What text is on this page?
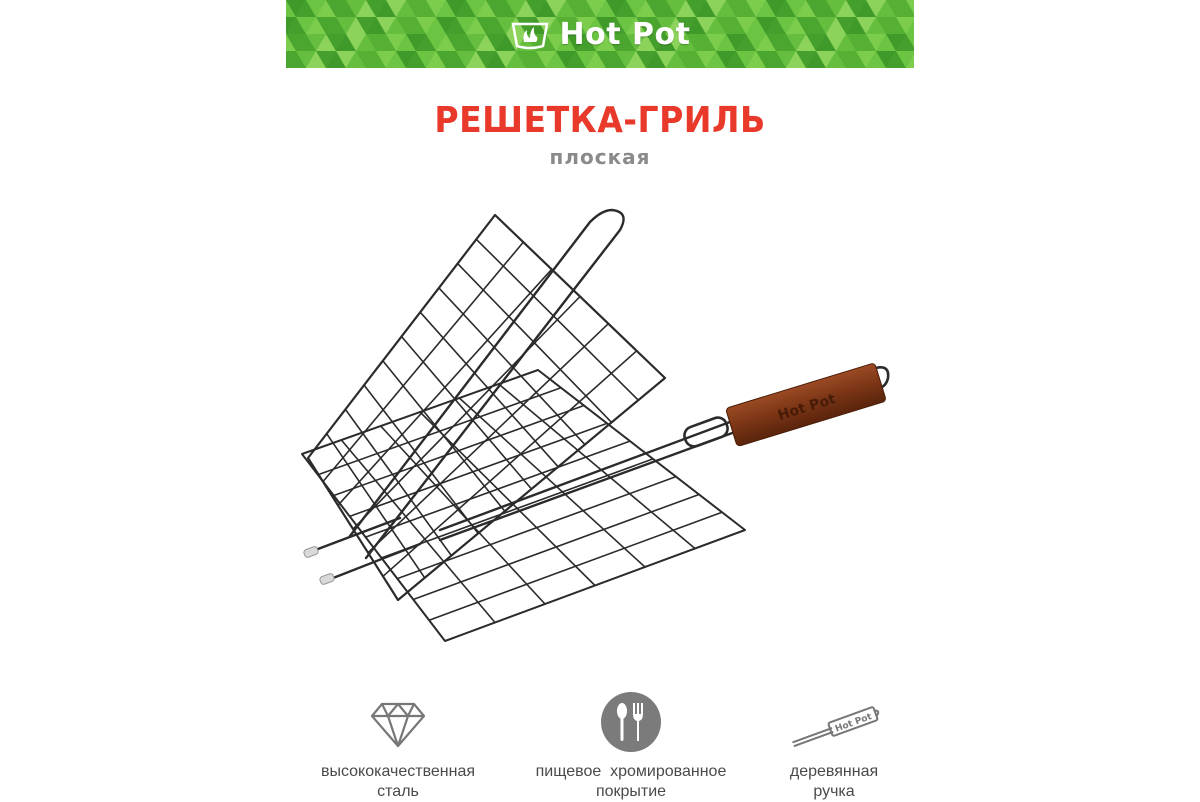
Hot Pot
РЕШЕТКА-ГРИЛЬ
плоская
Hot Pot
высококачественная
сталь
пищевое  хромированное
покрытие
Hot Pot
деревянная
ручка
